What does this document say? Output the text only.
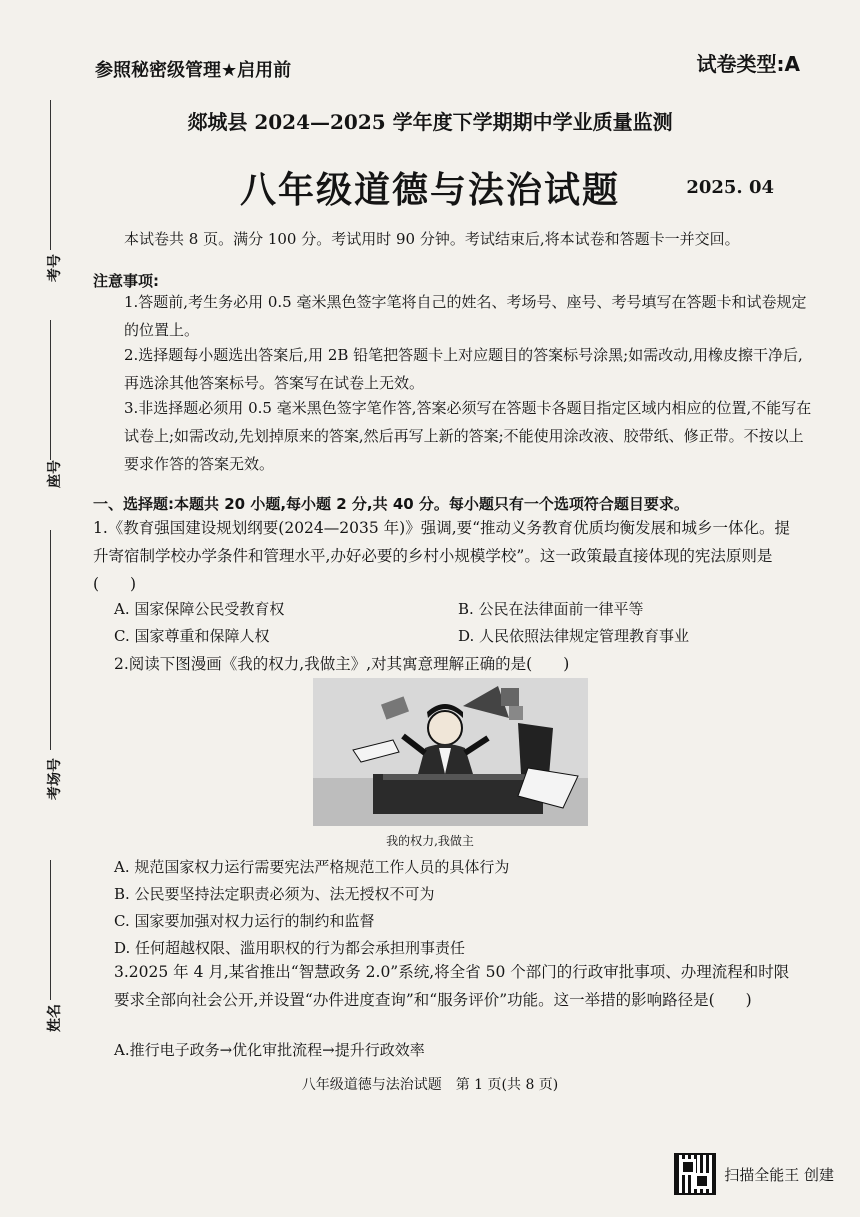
考号
座号
考场号
姓名
参照秘密级管理★启用前	试卷类型:A
郯城县 2024—2025 学年度下学期期中学业质量监测
八年级道德与法治试题	2025. 04
本试卷共 8 页。满分 100 分。考试用时 90 分钟。考试结束后,将本试卷和答题卡一并交回。
注意事项:
1.答题前,考生务必用 0.5 毫米黑色签字笔将自己的姓名、考场号、座号、考号填写在答题卡和试卷规定的位置上。
2.选择题每小题选出答案后,用 2B 铅笔把答题卡上对应题目的答案标号涂黑;如需改动,用橡皮擦干净后,再选涂其他答案标号。答案写在试卷上无效。
3.非选择题必须用 0.5 毫米黑色签字笔作答,答案必须写在答题卡各题目指定区域内相应的位置,不能写在试卷上;如需改动,先划掉原来的答案,然后再写上新的答案;不能使用涂改液、胶带纸、修正带。不按以上要求作答的答案无效。
一、选择题:本题共 20 小题,每小题 2 分,共 40 分。每小题只有一个选项符合题目要求。
1.《教育强国建设规划纲要(2024—2035 年)》强调,要“推动义务教育优质均衡发展和城乡一体化。提升寄宿制学校办学条件和管理水平,办好必要的乡村小规模学校”。这一政策最直接体现的宪法原则是(　　)
A. 国家保障公民受教育权	B. 公民在法律面前一律平等
C. 国家尊重和保障人权	D. 人民依照法律规定管理教育事业
2.阅读下图漫画《我的权力,我做主》,对其寓意理解正确的是(　　)
我的权力,我做主
A. 规范国家权力运行需要宪法严格规范工作人员的具体行为
B. 公民要坚持法定职责必须为、法无授权不可为
C. 国家要加强对权力运行的制约和监督
D. 任何超越权限、滥用职权的行为都会承担刑事责任
3.2025 年 4 月,某省推出“智慧政务 2.0”系统,将全省 50 个部门的行政审批事项、办理流程和时限要求全部向社会公开,并设置“办件进度查询”和“服务评价”功能。这一举措的影响路径是(　　)
A.推行电子政务→优化审批流程→提升行政效率
八年级道德与法治试题　第 1 页(共 8 页)
扫描全能王 创建
